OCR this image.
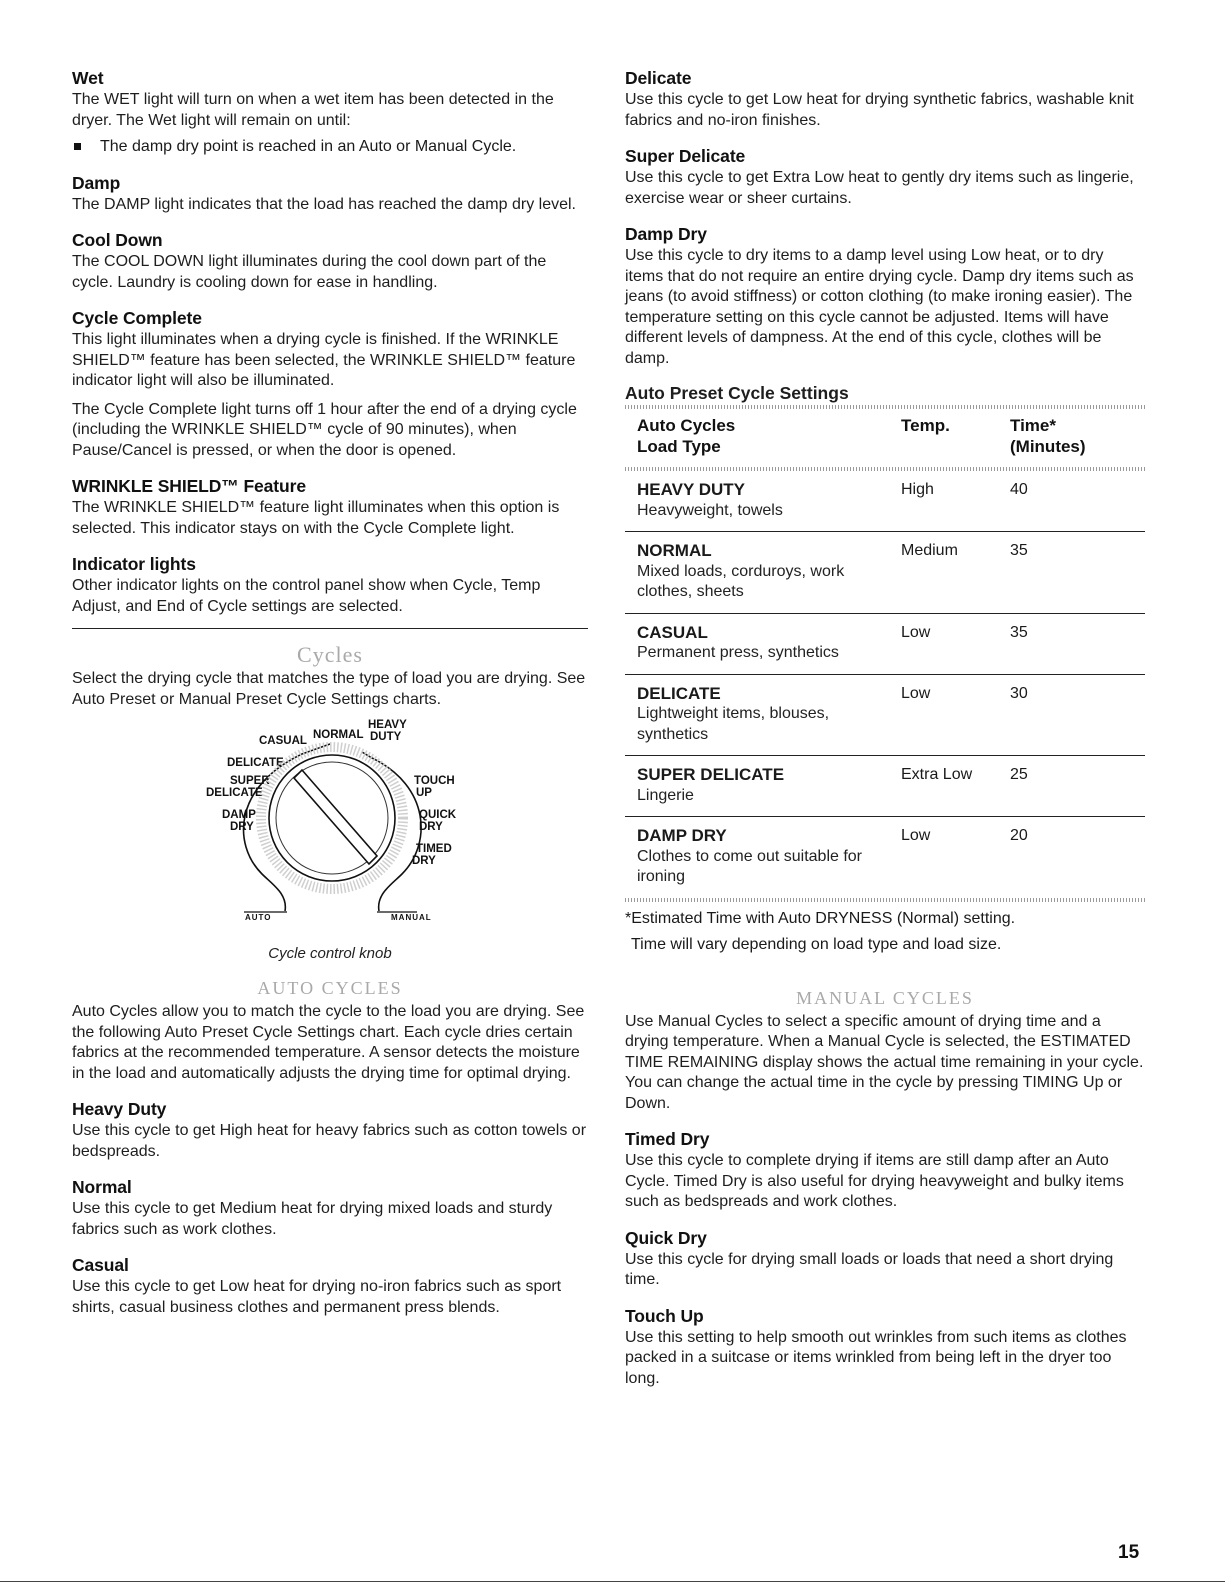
Wet

The WET light will turn on when a wet item has been detected in the dryer. The Wet light will remain on until:

The damp dry point is reached in an Auto or Manual Cycle.
Damp

The DAMP light indicates that the load has reached the damp dry level.

Cool Down

The COOL DOWN light illuminates during the cool down part of the cycle. Laundry is cooling down for ease in handling.

Cycle Complete

This light illuminates when a drying cycle is finished. If the WRINKLE SHIELD™ feature has been selected, the WRINKLE SHIELD™ feature indicator light will also be illuminated.

The Cycle Complete light turns off 1 hour after the end of a drying cycle (including the WRINKLE SHIELD™ cycle of 90 minutes), when Pause/Cancel is pressed, or when the door is opened.

WRINKLE SHIELD™ Feature

The WRINKLE SHIELD™ feature light illuminates when this option is selected. This indicator stays on with the Cycle Complete light.

Indicator lights

Other indicator lights on the control panel show when Cycle, Temp Adjust, and End of Cycle settings are selected.

Cycles

Select the drying cycle that matches the type of load you are drying. See Auto Preset or Manual Preset Cycle Settings charts.

CASUAL NORMAL
HEAVY
DUTY
DELICATE
SUPER
DELICATE
DAMP
DRY
TOUCH
UP
QUICK
DRY
TIMED
DRY
AUTO	MANUAL
Cycle control knob

AUTO CYCLES

Auto Cycles allow you to match the cycle to the load you are drying. See the following Auto Preset Cycle Settings chart. Each cycle dries certain fabrics at the recommended temperature. A sensor detects the moisture in the load and automatically adjusts the drying time for optimal drying.

Heavy Duty

Use this cycle to get High heat for heavy fabrics such as cotton towels or bedspreads.

Normal

Use this cycle to get Medium heat for drying mixed loads and sturdy fabrics such as work clothes.

Casual

Use this cycle to get Low heat for drying no-iron fabrics such as sport shirts, casual business clothes and permanent press blends.

Delicate

Use this cycle to get Low heat for drying synthetic fabrics, washable knit fabrics and no-iron finishes.

Super Delicate

Use this cycle to get Extra Low heat to gently dry items such as lingerie, exercise wear or sheer curtains.

Damp Dry

Use this cycle to dry items to a damp level using Low heat, or to dry items that do not require an entire drying cycle. Damp dry items such as jeans (to avoid stiffness) or cotton clothing (to make ironing easier). The temperature setting on this cycle cannot be adjusted. Items will have different levels of dampness. At the end of this cycle, clothes will be damp.

Auto Preset Cycle Settings

Auto Cycles
Load Type
Temp.	Time*
(Minutes)
HEAVY DUTY
Heavyweight, towels
High	40
NORMAL
Mixed loads, corduroys, work clothes, sheets
Medium	35
CASUAL
Permanent press, synthetics
Low	35
DELICATE
Lightweight items, blouses, synthetics
Low	30
SUPER DELICATE
Lingerie
Extra Low	25
DAMP DRY
Clothes to come out suitable for ironing
Low	20
*Estimated Time with Auto DRYNESS (Normal) setting.
Time will vary depending on load type and load size.

MANUAL CYCLES

Use Manual Cycles to select a specific amount of drying time and a drying temperature. When a Manual Cycle is selected, the ESTIMATED TIME REMAINING display shows the actual time remaining in your cycle. You can change the actual time in the cycle by pressing TIMING Up or Down.

Timed Dry

Use this cycle to complete drying if items are still damp after an Auto Cycle. Timed Dry is also useful for drying heavyweight and bulky items such as bedspreads and work clothes.

Quick Dry

Use this cycle for drying small loads or loads that need a short drying time.

Touch Up

Use this setting to help smooth out wrinkles from such items as clothes packed in a suitcase or items wrinkled from being left in the dryer too long.

15
